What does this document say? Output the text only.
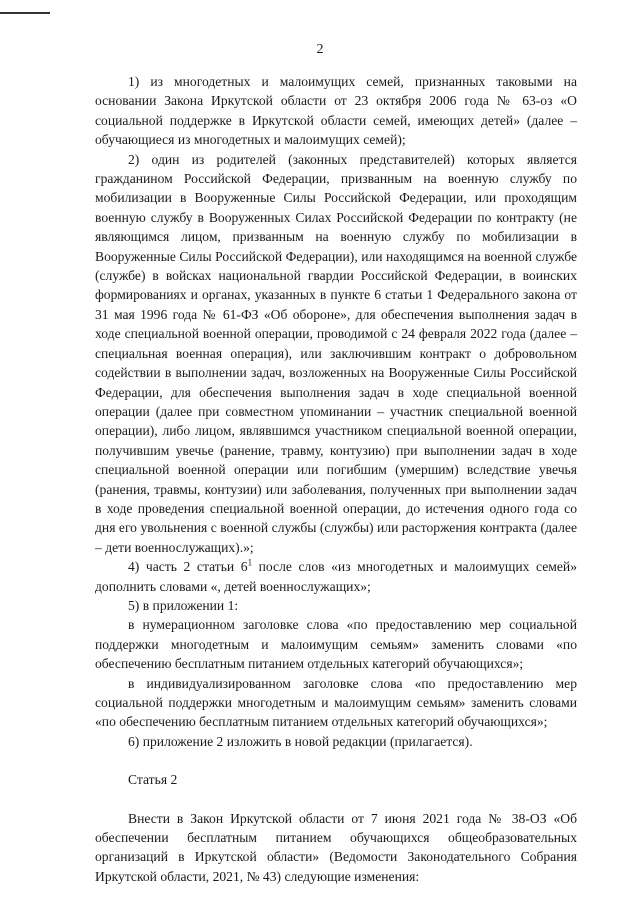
2

1) из многодетных и малоимущих семей, признанных таковыми на основании Закона Иркутской области от 23 октября 2006 года № 63-оз «О социальной поддержке в Иркутской области семей, имеющих детей» (далее – обучающиеся из многодетных и малоимущих семей);

2) один из родителей (законных представителей) которых является гражданином Российской Федерации, призванным на военную службу по мобилизации в Вооруженные Силы Российской Федерации, или проходящим военную службу в Вооруженных Силах Российской Федерации по контракту (не являющимся лицом, призванным на военную службу по мобилизации в Вооруженные Силы Российской Федерации), или находящимся на военной службе (службе) в войсках национальной гвардии Российской Федерации, в воинских формированиях и органах, указанных в пункте 6 статьи 1 Федерального закона от 31 мая 1996 года № 61-ФЗ «Об обороне», для обеспечения выполнения задач в ходе специальной военной операции, проводимой с 24 февраля 2022 года (далее – специальная военная операция), или заключившим контракт о добровольном содействии в выполнении задач, возложенных на Вооруженные Силы Российской Федерации, для обеспечения выполнения задач в ходе специальной военной операции (далее при совместном упоминании – участник специальной военной операции), либо лицом, являвшимся участником специальной военной операции, получившим увечье (ранение, травму, контузию) при выполнении задач в ходе специальной военной операции или погибшим (умершим) вследствие увечья (ранения, травмы, контузии) или заболевания, полученных при выполнении задач в ходе проведения специальной военной операции, до истечения одного года со дня его увольнения с военной службы (службы) или расторжения контракта (далее – дети военнослужащих).»;

4) часть 2 статьи $6^1$ после слов «из многодетных и малоимущих семей» дополнить словами «, детей военнослужащих»;

5) в приложении 1:

в нумерационном заголовке слова «по предоставлению мер социальной поддержки многодетным и малоимущим семьям» заменить словами «по обеспечению бесплатным питанием отдельных категорий обучающихся»;

в индивидуализированном заголовке слова «по предоставлению мер социальной поддержки многодетным и малоимущим семьям» заменить словами «по обеспечению бесплатным питанием отдельных категорий обучающихся»;

6) приложение 2 изложить в новой редакции (прилагается).

Статья 2

Внести в Закон Иркутской области от 7 июня 2021 года № 38-ОЗ «Об обеспечении бесплатным питанием обучающихся общеобразовательных организаций в Иркутской области» (Ведомости Законодательного Собрания Иркутской области, 2021, № 43) следующие изменения:
